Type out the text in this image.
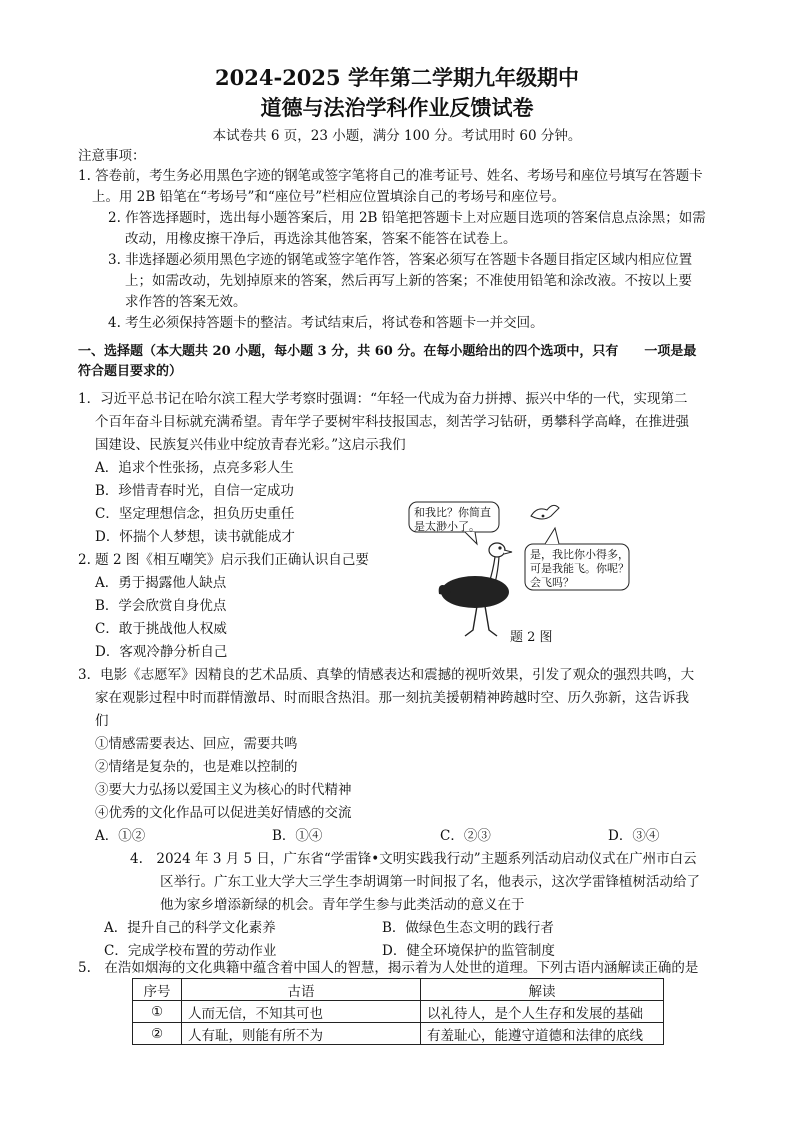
2024-2025 学年第二学期九年级期中
道德与法治学科作业反馈试卷
本试卷共 6 页，23 小题，满分 100 分。考试用时 60 分钟。
注意事项：
1. 答卷前，考生务必用黑色字迹的钢笔或签字笔将自己的准考证号、姓名、考场号和座位号填写在答题卡
上。用 2B 铅笔在“考场号”和“座位号”栏相应位置填涂自己的考场号和座位号。
2. 作答选择题时，选出每小题答案后，用 2B 铅笔把答题卡上对应题目选项的答案信息点涂黑；如需
改动，用橡皮擦干净后，再选涂其他答案，答案不能答在试卷上。
3. 非选择题必须用黑色字迹的钢笔或签字笔作答，答案必须写在答题卡各题目指定区域内相应位置
上；如需改动，先划掉原来的答案，然后再写上新的答案；不准使用铅笔和涂改液。不按以上要
求作答的答案无效。
4. 考生必须保持答题卡的整洁。考试结束后，将试卷和答题卡一并交回。
一、选择题（本大题共 20 小题，每小题 3 分，共 60 分。在每小题给出的四个选项中，只有　　一项是最
符合题目要求的）
1．习近平总书记在哈尔滨工程大学考察时强调：“年轻一代成为奋力拼搏、振兴中华的一代，实现第二
个百年奋斗目标就充满希望。青年学子要树牢科技报国志，刻苦学习钻研，勇攀科学高峰，在推进强
国建设、民族复兴伟业中绽放青春光彩。”这启示我们
A．追求个性张扬，点亮多彩人生
B．珍惜青春时光，自信一定成功
C．坚定理想信念，担负历史重任
D．怀揣个人梦想，读书就能成才
2. 题 2 图《相互嘲笑》启示我们正确认识自己要
A．勇于揭露他人缺点
B．学会欣赏自身优点
C．敢于挑战他人权威
D．客观冷静分析自己
和我比？你简直
是太渺小了。
是，我比你小得多，
可是我能飞。你呢？
会飞吗？
题 2 图
3．电影《志愿军》因精良的艺术品质、真挚的情感表达和震撼的视听效果，引发了观众的强烈共鸣，大
家在观影过程中时而群情激昂、时而眼含热泪。那一刻抗美援朝精神跨越时空、历久弥新，这告诉我
们
①情感需要表达、回应，需要共鸣
②情绪是复杂的，也是难以控制的
③要大力弘扬以爱国主义为核心的时代精神
④优秀的文化作品可以促进美好情感的交流
A．①②	B．①④	C．②③	D．③④
4.　2024 年 3 月 5 日，广东省“学雷锋•文明实践我行动”主题系列活动启动仪式在广州市白云
区举行。广东工业大学大三学生李胡调第一时间报了名，他表示，这次学雷锋植树活动给了
他为家乡增添新绿的机会。青年学生参与此类活动的意义在于
A．提升自己的科学文化素养	B．做绿色生态文明的践行者
C．完成学校布置的劳动作业	D．健全环境保护的监管制度
5.　在浩如烟海的文化典籍中蕴含着中国人的智慧，揭示着为人处世的道理。下列古语内涵解读正确的是
序号	古语	解读
①	人而无信，不知其可也	以礼待人，是个人生存和发展的基础
②	人有耻，则能有所不为	有羞耻心，能遵守道德和法律的底线
